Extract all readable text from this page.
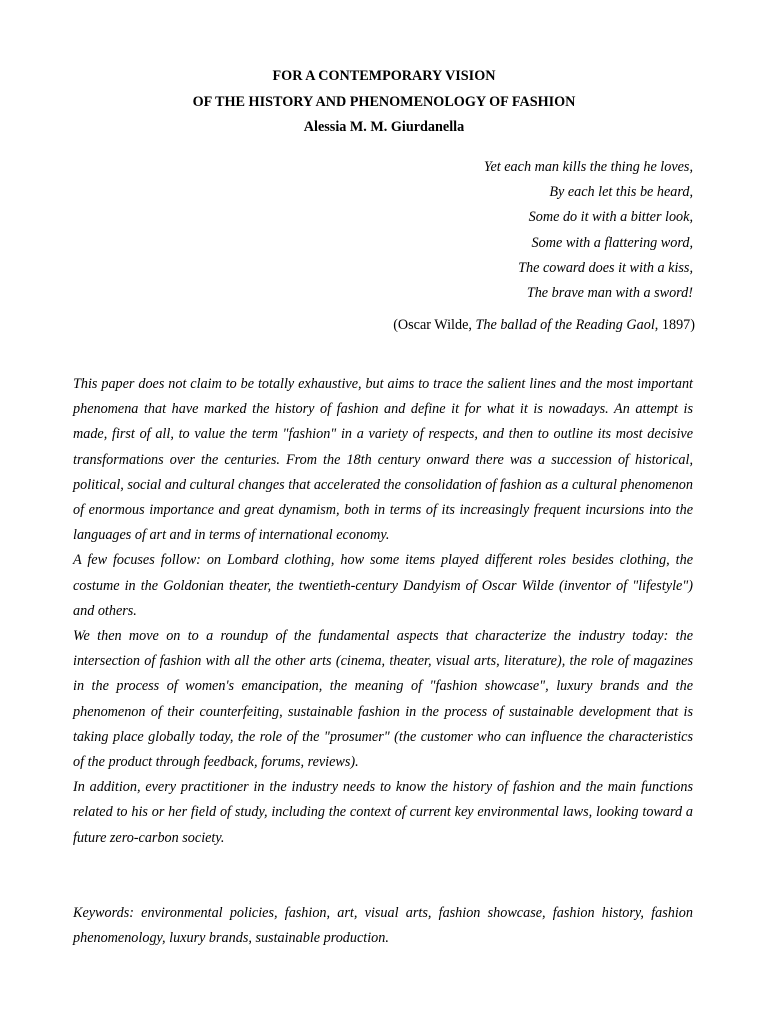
FOR A CONTEMPORARY VISION
OF THE HISTORY AND PHENOMENOLOGY OF FASHION
Alessia M. M. Giurdanella
Yet each man kills the thing he loves,
By each let this be heard,
Some do it with a bitter look,
Some with a flattering word,
The coward does it with a kiss,
The brave man with a sword!
(Oscar Wilde, The ballad of the Reading Gaol, 1897)

This paper does not claim to be totally exhaustive, but aims to trace the salient lines and the most important phenomena that have marked the history of fashion and define it for what it is nowadays. An attempt is made, first of all, to value the term "fashion" in a variety of respects, and then to outline its most decisive transformations over the centuries. From the 18th century onward there was a succession of historical, political, social and cultural changes that accelerated the consolidation of fashion as a cultural phenomenon of enormous importance and great dynamism, both in terms of its increasingly frequent incursions into the languages of art and in terms of international economy.

A few focuses follow: on Lombard clothing, how some items played different roles besides clothing, the costume in the Goldonian theater, the twentieth-century Dandyism of Oscar Wilde (inventor of "lifestyle") and others.

We then move on to a roundup of the fundamental aspects that characterize the industry today: the intersection of fashion with all the other arts (cinema, theater, visual arts, literature), the role of magazines in the process of women's emancipation, the meaning of "fashion showcase", luxury brands and the phenomenon of their counterfeiting, sustainable fashion in the process of sustainable development that is taking place globally today, the role of the "prosumer" (the customer who can influence the characteristics of the product through feedback, forums, reviews).

In addition, every practitioner in the industry needs to know the history of fashion and the main functions related to his or her field of study, including the context of current key environmental laws, looking toward a future zero-carbon society.

Keywords: environmental policies, fashion, art, visual arts, fashion showcase, fashion history, fashion phenomenology, luxury brands, sustainable production.
